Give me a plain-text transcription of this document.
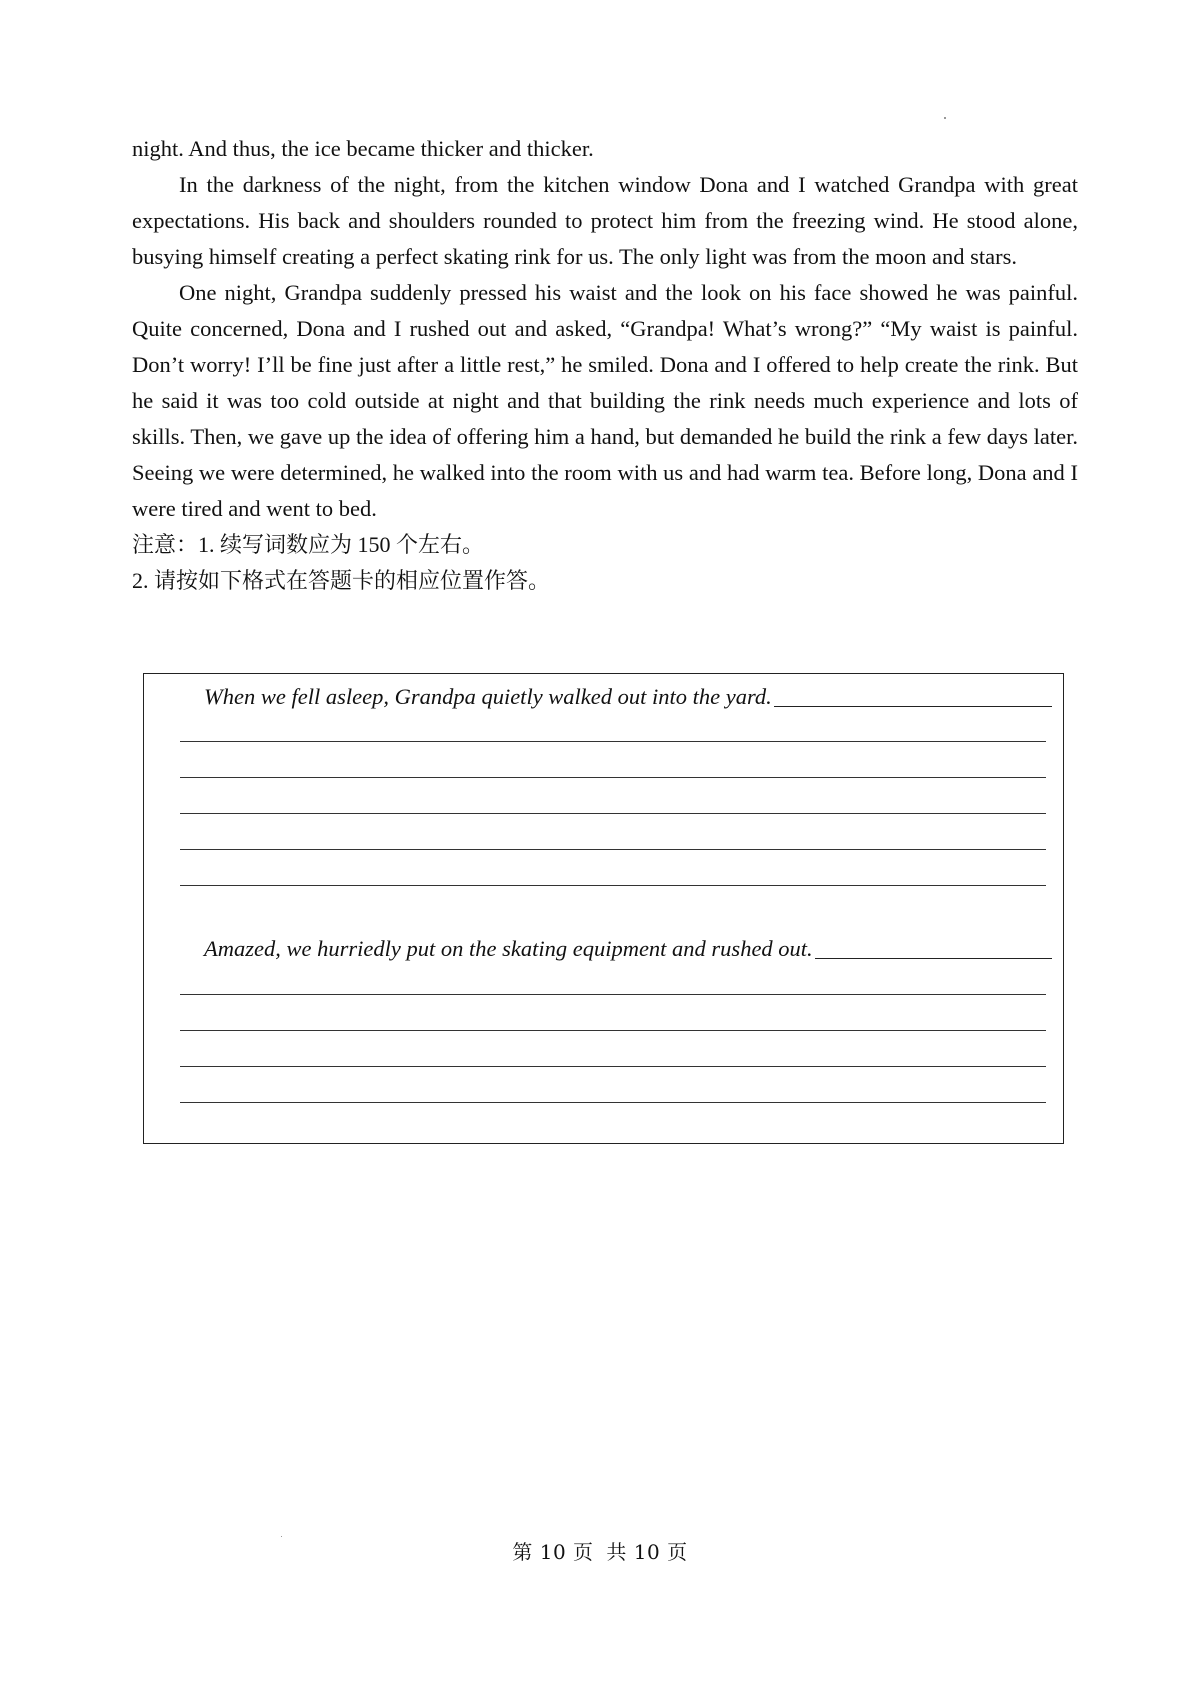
night. And thus, the ice became thicker and thicker.

In the darkness of the night, from the kitchen window Dona and I watched Grandpa with great expectations. His back and shoulders rounded to protect him from the freezing wind. He stood alone, busying himself creating a perfect skating rink for us. The only light was from the moon and stars.

One night, Grandpa suddenly pressed his waist and the look on his face showed he was painful. Quite concerned, Dona and I rushed out and asked, “Grandpa! What’s wrong?” “My waist is painful. Don’t worry! I’ll be fine just after a little rest,” he smiled. Dona and I offered to help create the rink. But he said it was too cold outside at night and that building the rink needs much experience and lots of skills. Then, we gave up the idea of offering him a hand, but demanded he build the rink a few days later. Seeing we were determined, he walked into the room with us and had warm tea. Before long, Dona and I were tired and went to bed.

注意：1. 续写词数应为 150 个左右。

2. 请按如下格式在答题卡的相应位置作答。

When we fell asleep, Grandpa quietly walked out into the yard.
Amazed, we hurriedly put on the skating equipment and rushed out.
第 10 页 共 10 页
